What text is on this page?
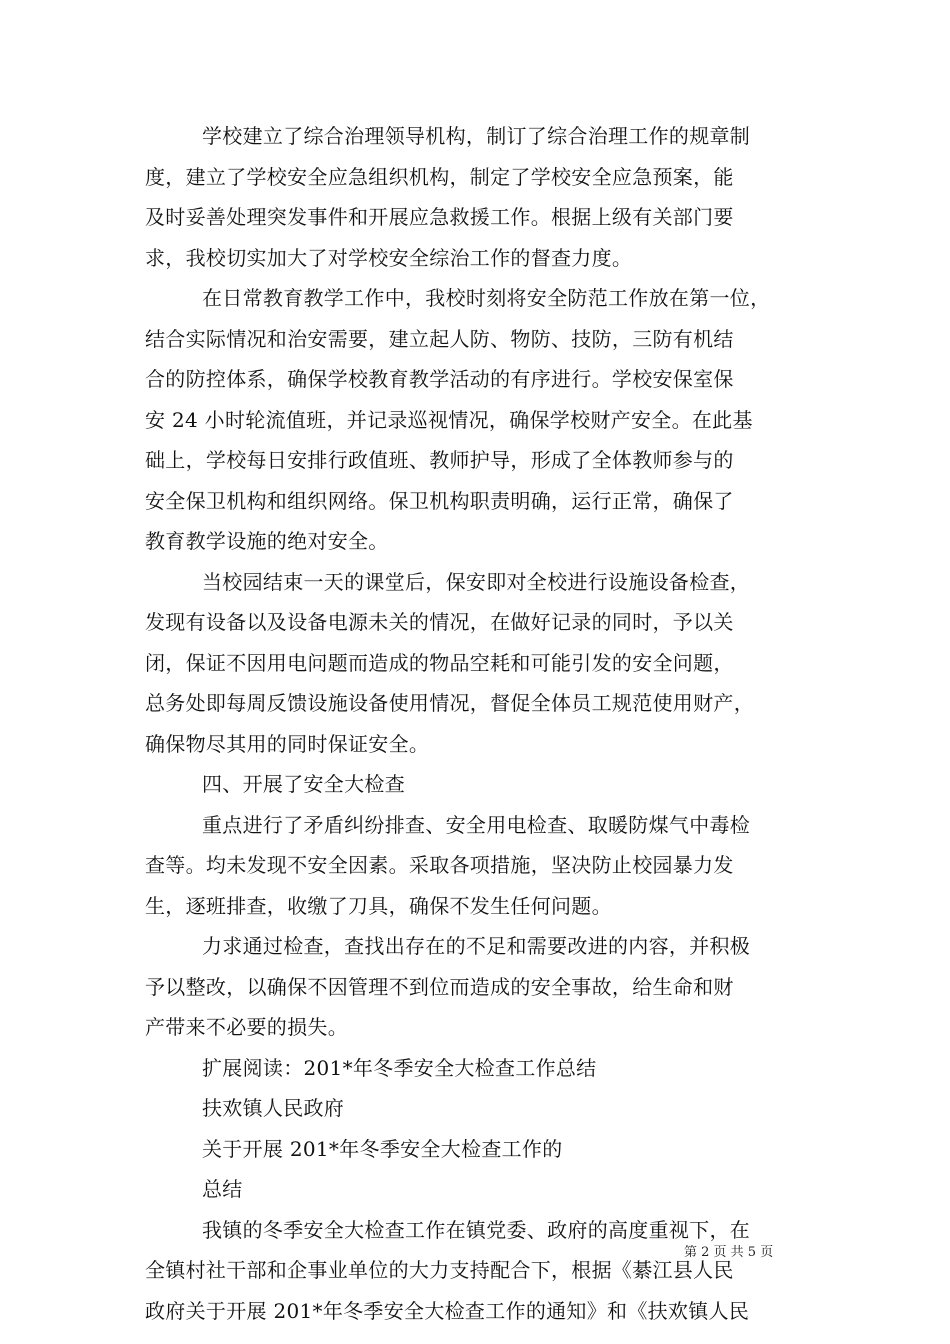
学校建立了综合治理领导机构，制订了综合治理工作的规章制
度，建立了学校安全应急组织机构，制定了学校安全应急预案，能
及时妥善处理突发事件和开展应急救援工作。根据上级有关部门要
求，我校切实加大了对学校安全综治工作的督查力度。
在日常教育教学工作中，我校时刻将安全防范工作放在第一位，
结合实际情况和治安需要，建立起人防、物防、技防，三防有机结
合的防控体系，确保学校教育教学活动的有序进行。学校安保室保
安 24 小时轮流值班，并记录巡视情况，确保学校财产安全。在此基
础上，学校每日安排行政值班、教师护导，形成了全体教师参与的
安全保卫机构和组织网络。保卫机构职责明确，运行正常，确保了
教育教学设施的绝对安全。
当校园结束一天的课堂后，保安即对全校进行设施设备检查，
发现有设备以及设备电源未关的情况，在做好记录的同时，予以关
闭，保证不因用电问题而造成的物品空耗和可能引发的安全问题，
总务处即每周反馈设施设备使用情况，督促全体员工规范使用财产，
确保物尽其用的同时保证安全。
四、开展了安全大检查
重点进行了矛盾纠纷排查、安全用电检查、取暖防煤气中毒检
查等。均未发现不安全因素。采取各项措施，坚决防止校园暴力发
生，逐班排查，收缴了刀具，确保不发生任何问题。
力求通过检查，查找出存在的不足和需要改进的内容，并积极
予以整改，以确保不因管理不到位而造成的安全事故，给生命和财
产带来不必要的损失。
扩展阅读：201*年冬季安全大检查工作总结
扶欢镇人民政府
关于开展 201*年冬季安全大检查工作的
总结
我镇的冬季安全大检查工作在镇党委、政府的高度重视下，在
全镇村社干部和企事业单位的大力支持配合下，根据《綦江县人民
政府关于开展 201*年冬季安全大检查工作的通知》和《扶欢镇人民
第 2 页 共 5 页
